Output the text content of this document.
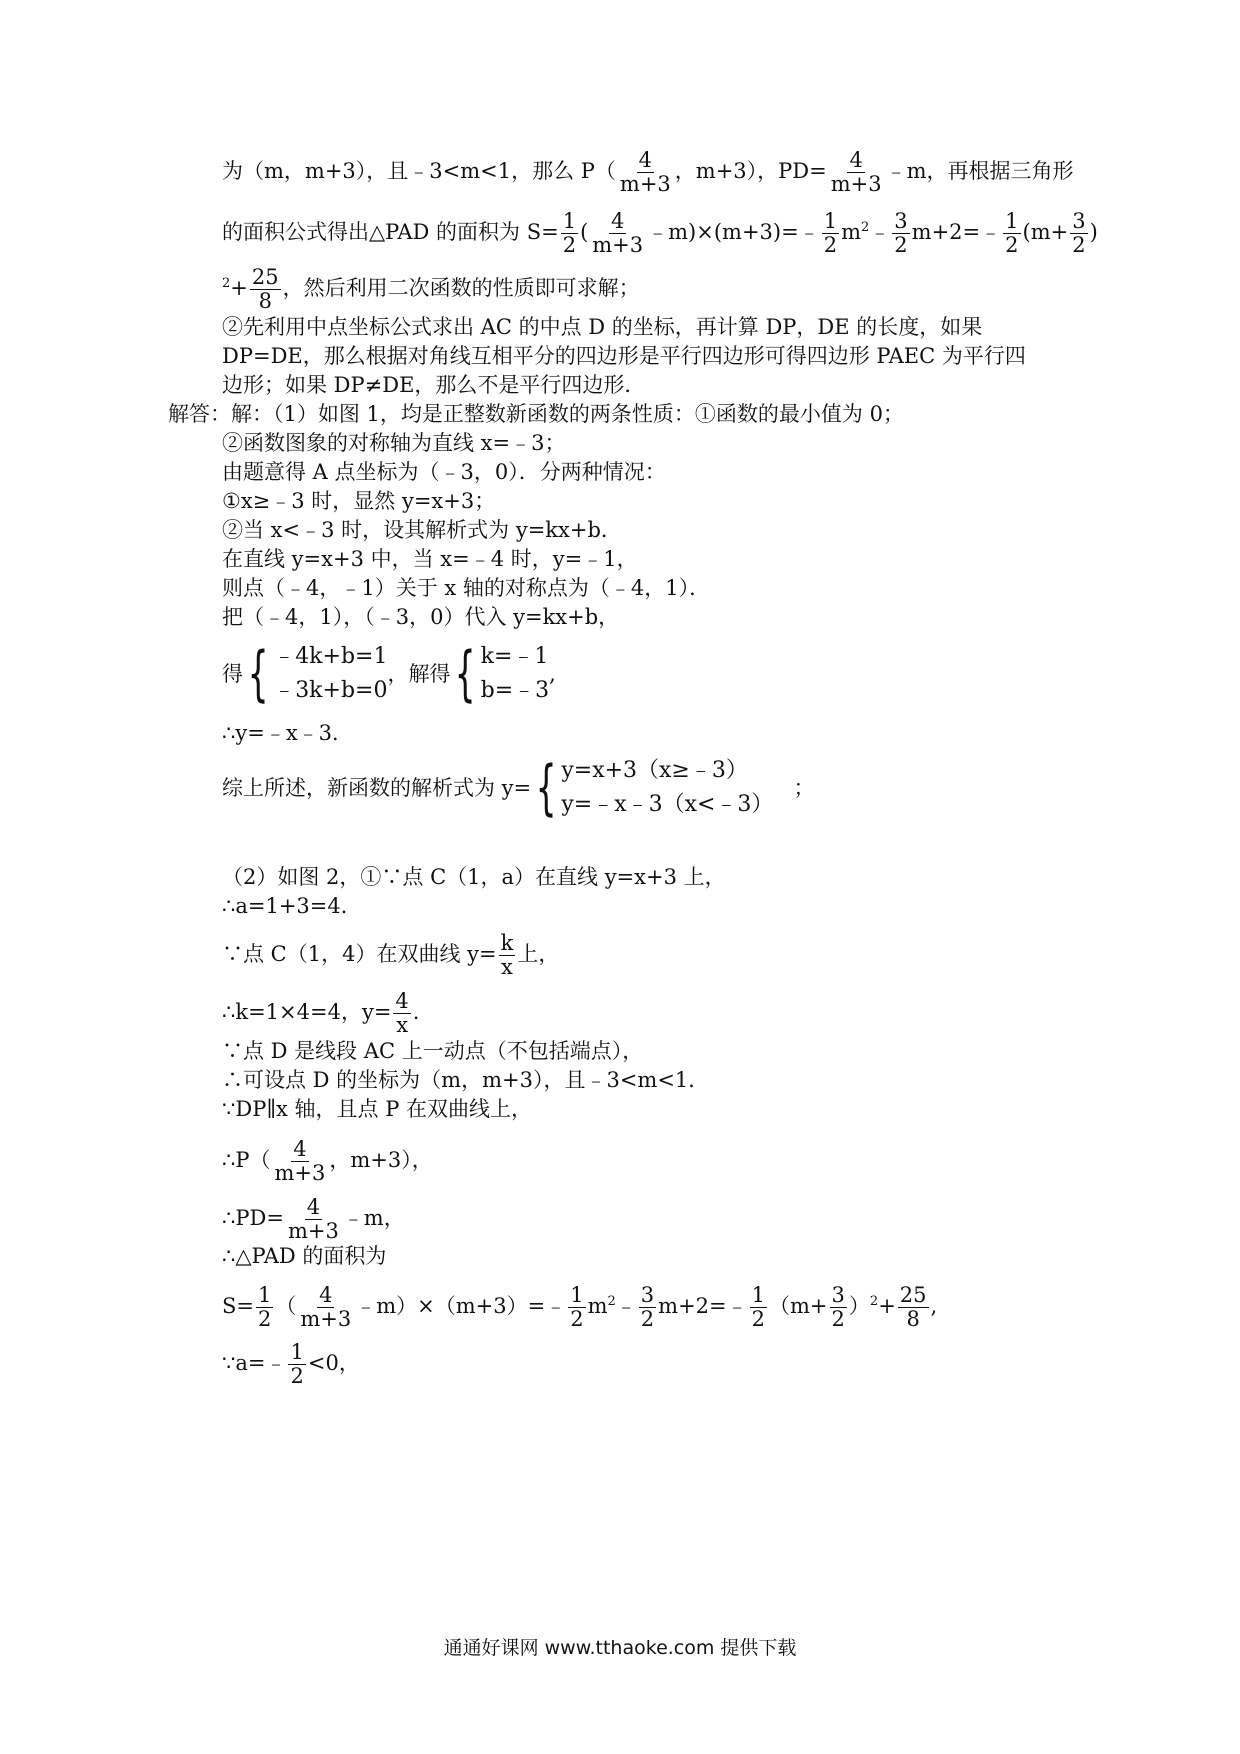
为（m，m+3），且﹣3<m<1，那么 $P( \frac{4}{m+3}$ ，m+3），$PD= \frac{4}{m+3}$ ﹣m，再根据三角形
的面积公式得出△PAD 的面积为 $S= \frac{1}{2}$ ( $\frac{4}{m+3}$ ﹣m)×(m+3)=﹣ $\frac{1}{2}$ $m^2﹣ \frac{3}{2}$ m+2=﹣ $\frac{1}{2} (m+ \frac{3}{2}$ )
$^2+ \frac{25}{8}$ ，然后利用二次函数的性质即可求解；
②先利用中点坐标公式求出 AC 的中点 D 的坐标，再计算 DP，DE 的长度，如果
DP=DE，那么根据对角线互相平分的四边形是平行四边形可得四边形 PAEC 为平行四
边形；如果 DP≠DE，那么不是平行四边形．
解答：解：（1）如图 1，均是正整数新函数的两条性质：①函数的最小值为 0；
②函数图象的对称轴为直线 x=﹣3；
由题意得 A 点坐标为（﹣3，0）．分两种情况：
①x≥﹣3 时，显然 y=x+3；
②当 x<﹣3 时，设其解析式为 y=kx+b．
在直线 y=x+3 中，当 x=﹣4 时，y=﹣1，
则点（﹣4，﹣1）关于 x 轴的对称点为（﹣4，1）．
把（﹣4，1），（﹣3，0）代入 y=kx+b，
得 { ﹣4k+b=1
﹣3k+b=0
，解得 { k=﹣1
b=﹣3
,
∴y=﹣x﹣3．
综上所述，新函数的解析式为 y= { y=x+3（x≥﹣3）
y=﹣x﹣3（x<﹣3）
；
（2）如图 2，①∵点 C（1，a）在直线 y=x+3 上，
∴a=1+3=4．
∵点 C（1，4）在双曲线 $y= \frac{k}{x}$ 上，
∴k=1×4=4，$y= \frac{4}{x}$ .
∵点 D 是线段 AC 上一动点（不包括端点），
∴可设点 D 的坐标为（m，m+3），且﹣3<m<1．
∵DP∥x 轴，且点 P 在双曲线上，
∴P（ $\frac{4}{m+3}$ ，m+3），
∴PD= $\frac{4}{m+3}$ ﹣m，
∴△PAD 的面积为
$S= \frac{1}{2}$ （ $\frac{4}{m+3}$ ﹣m）×（m+3）=﹣ $\frac{1}{2}$ $m^2﹣ \frac{3}{2}$ m+2=﹣ $\frac{1}{2} (m+ \frac{3}{2} )^2+ \frac{25}{8}$ ,
∵a=﹣ $\frac{1}{2} <0$，
通通好课网 www.tthaoke.com 提供下载
